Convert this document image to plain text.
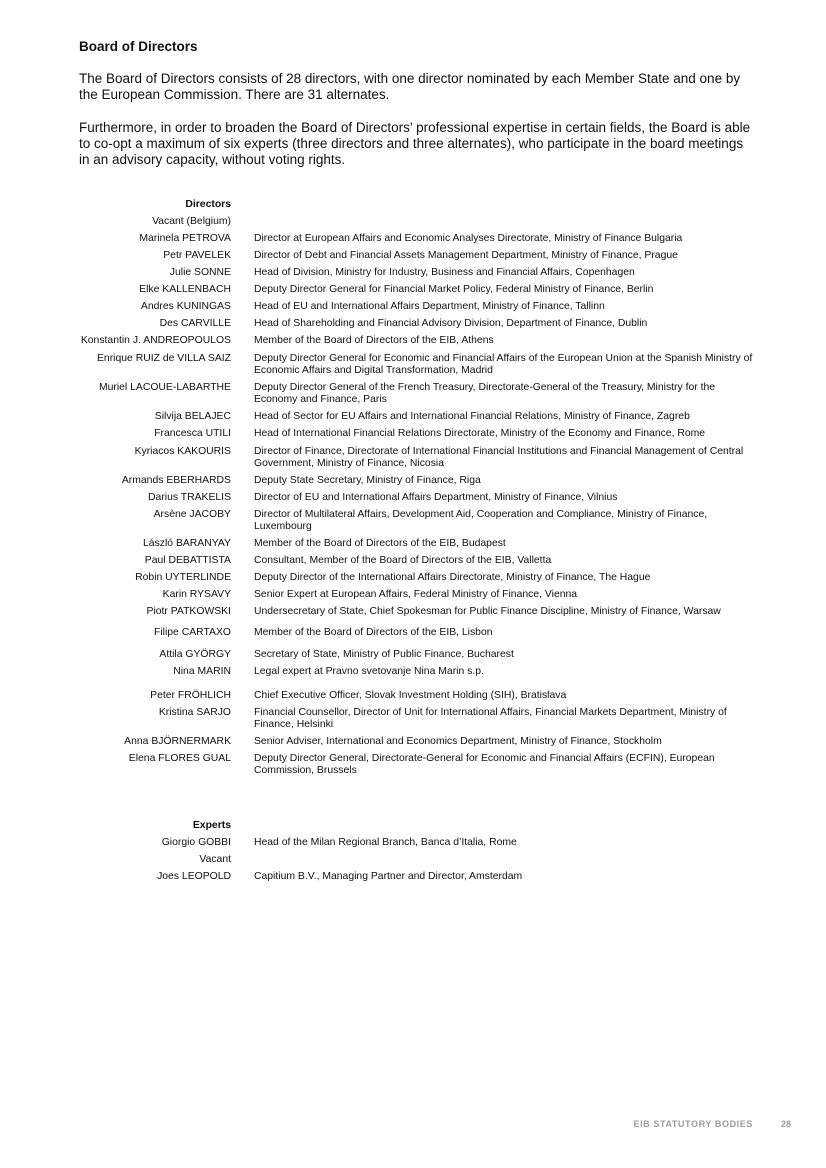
Board of Directors

The Board of Directors consists of 28 directors, with one director nominated by each Member State and one by the European Commission. There are 31 alternates.

Furthermore, in order to broaden the Board of Directors’ professional expertise in certain fields, the Board is able to co-opt a maximum of six experts (three directors and three alternates), who participate in the board meetings in an advisory capacity, without voting rights.

Directors
Vacant (Belgium)
Marinela PETROVA Director at European Affairs and Economic Analyses Directorate, Ministry of Finance Bulgaria
Petr PAVELEK Director of Debt and Financial Assets Management Department, Ministry of Finance, Prague
Julie SONNE Head of Division, Ministry for Industry, Business and Financial Affairs, Copenhagen
Elke KALLENBACH Deputy Director General for Financial Market Policy, Federal Ministry of Finance, Berlin
Andres KUNINGAS Head of EU and International Affairs Department, Ministry of Finance, Tallinn
Des CARVILLE Head of Shareholding and Financial Advisory Division, Department of Finance, Dublin
Konstantin J. ANDREOPOULOS Member of the Board of Directors of the EIB, Athens
Enrique RUIZ de VILLA SAIZ Deputy Director General for Economic and Financial Affairs of the European Union at the Spanish Ministry of Economic Affairs and Digital Transformation, Madrid
Muriel LACOUE-LABARTHE Deputy Director General of the French Treasury, Directorate-General of the Treasury, Ministry for the Economy and Finance, Paris
Silvija BELAJEC Head of Sector for EU Affairs and International Financial Relations, Ministry of Finance, Zagreb
Francesca UTILI Head of International Financial Relations Directorate, Ministry of the Economy and Finance, Rome
Kyriacos KAKOURIS Director of Finance, Directorate of International Financial Institutions and Financial Management of Central Government, Ministry of Finance, Nicosia
Armands EBERHARDS Deputy State Secretary, Ministry of Finance, Riga
Darius TRAKELIS Director of EU and International Affairs Department, Ministry of Finance, Vilnius
Arsène JACOBY Director of Multilateral Affairs, Development Aid, Cooperation and Compliance, Ministry of Finance, Luxembourg
László BARANYAY Member of the Board of Directors of the EIB, Budapest
Paul DEBATTISTA Consultant, Member of the Board of Directors of the EIB, Valletta
Robin UYTERLINDE Deputy Director of the International Affairs Directorate, Ministry of Finance, The Hague
Karin RYSAVY Senior Expert at European Affairs, Federal Ministry of Finance, Vienna
Piotr PATKOWSKI Undersecretary of State, Chief Spokesman for Public Finance Discipline, Ministry of Finance, Warsaw
Filipe CARTAXO Member of the Board of Directors of the EIB, Lisbon
Attila GYÖRGY Secretary of State, Ministry of Public Finance, Bucharest
Nina MARIN Legal expert at Pravno svetovanje Nina Marin s.p.
Peter FRÖHLICH Chief Executive Officer, Slovak Investment Holding (SIH), Bratislava
Kristina SARJO Financial Counsellor, Director of Unit for International Affairs, Financial Markets Department, Ministry of Finance, Helsinki
Anna BJÖRNERMARK Senior Adviser, International and Economics Department, Ministry of Finance, Stockholm
Elena FLORES GUAL Deputy Director General, Directorate-General for Economic and Financial Affairs (ECFIN), European Commission, Brussels
Experts
Giorgio GOBBI Head of the Milan Regional Branch, Banca d’Italia, Rome
Vacant
Joes LEOPOLD Capitium B.V., Managing Partner and Director, Amsterdam
EIB STATUTORY BODIES	28
